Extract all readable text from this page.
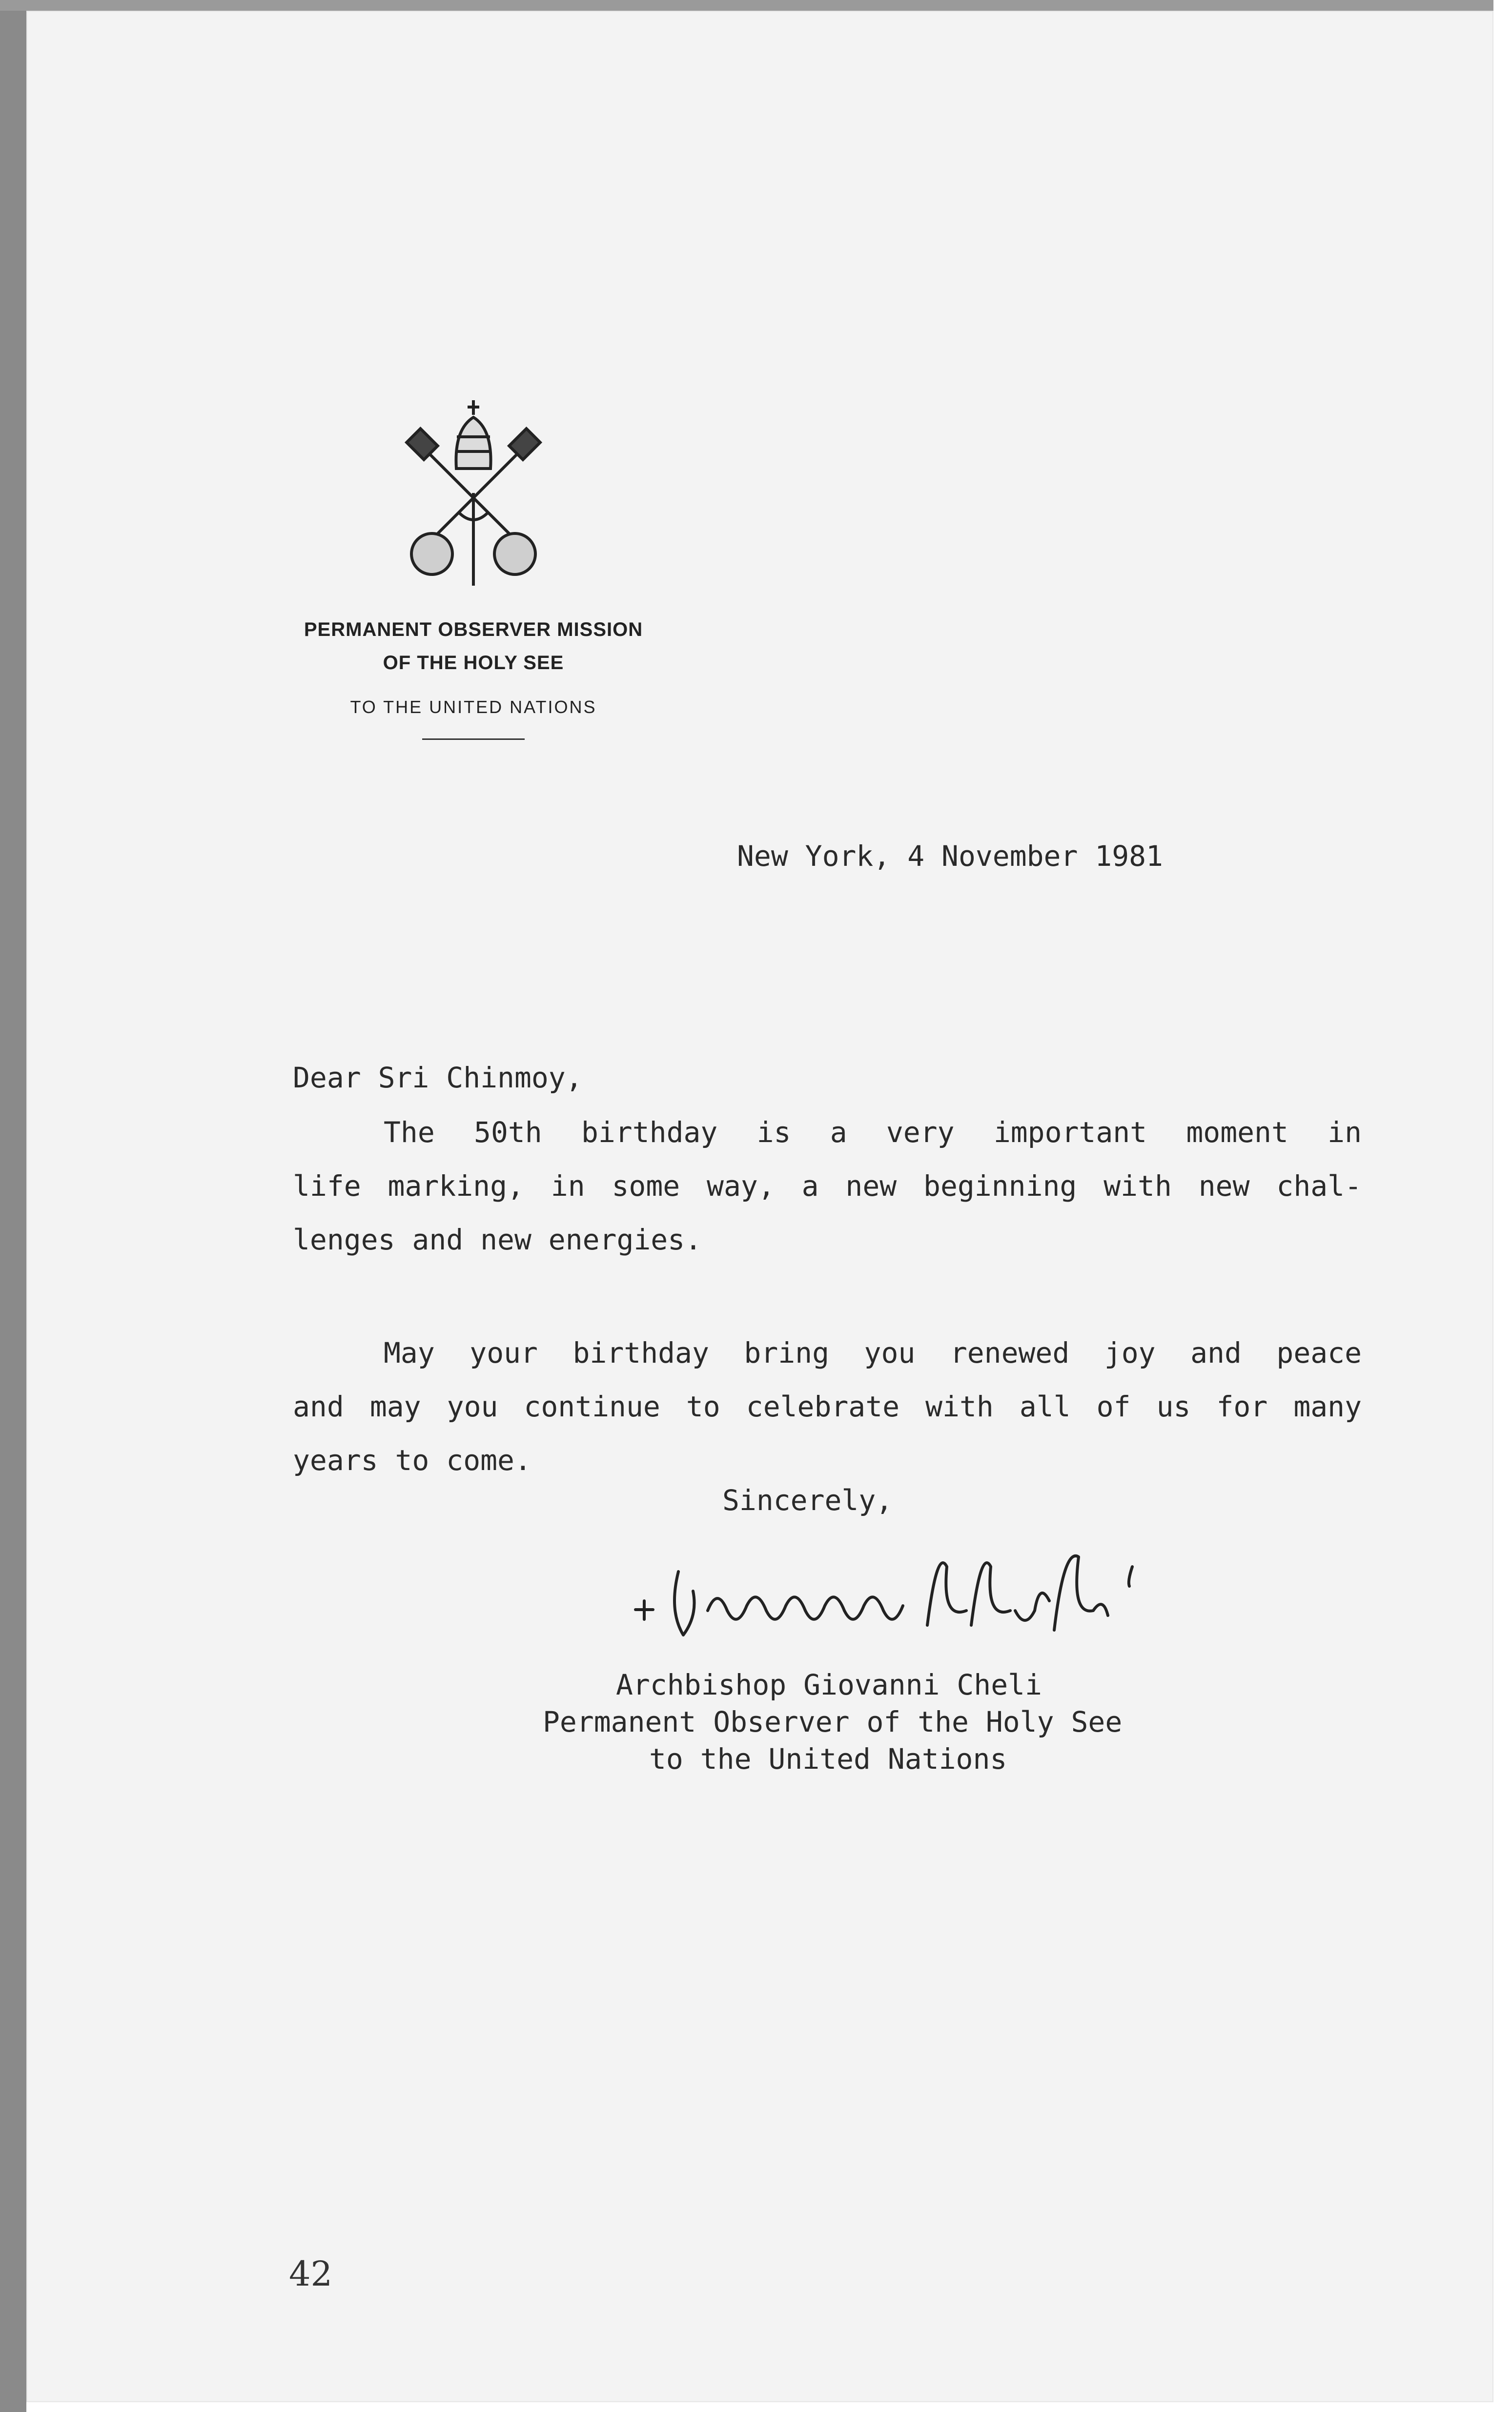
PERMANENT OBSERVER MISSION
OF THE HOLY SEE
TO THE UNITED NATIONS
New York, 4 November 1981
Dear Sri Chinmoy,
The 50th birthday is a very important moment in
life marking, in some way, a new beginning with new chal-
lenges and new energies.
May your birthday bring you renewed joy and peace
and may you continue to celebrate with all of us for many
years to come.
Sincerely,
Archbishop Giovanni Cheli
Permanent Observer of the Holy See
to the United Nations
42
